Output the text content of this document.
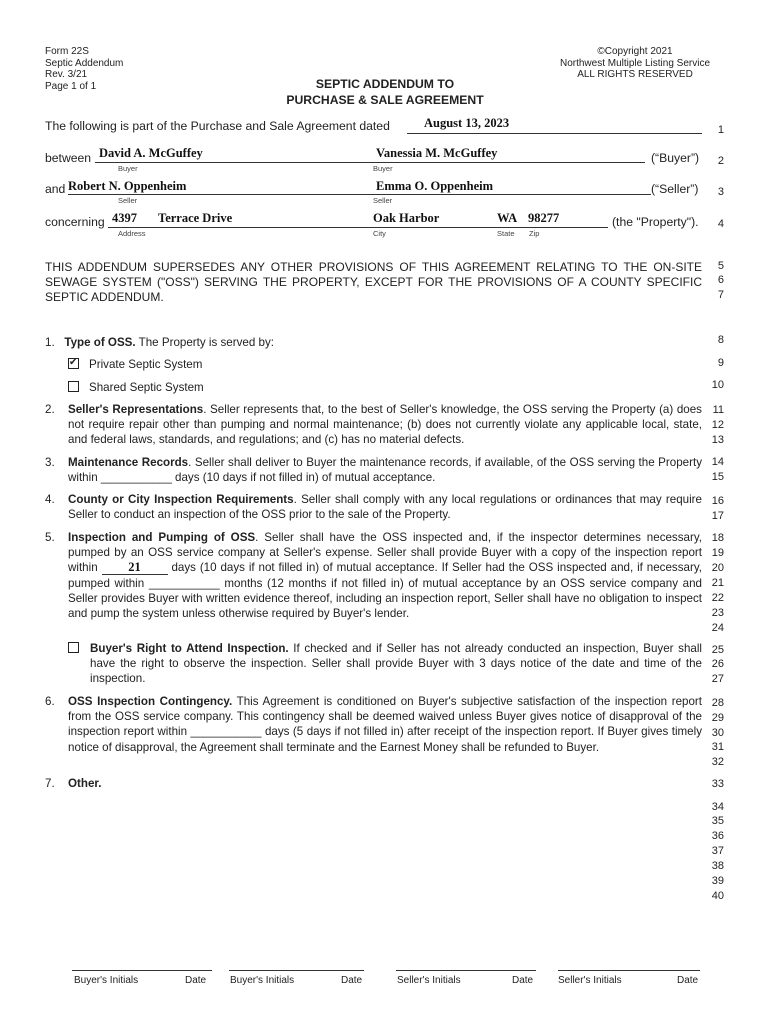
Form 22S
Septic Addendum
Rev. 3/21
Page 1 of 1
©Copyright 2021
Northwest Multiple Listing Service
ALL RIGHTS RESERVED
SEPTIC ADDENDUM TO
PURCHASE & SALE AGREEMENT
The following is part of the Purchase and Sale Agreement dated	August 13, 2023
between David A. McGuffey	Vanessia M. McGuffey	(“Buyer”)
Buyer	Buyer
and Robert N. Oppenheim	Emma O. Oppenheim	(“Seller”)
Seller	Seller
concerning 4397 Terrace Drive	Oak Harbor	WA 98277	(the "Property").
Address	City	State Zip
THIS ADDENDUM SUPERSEDES ANY OTHER PROVISIONS OF THIS AGREEMENT RELATING TO THE ON-SITE SEWAGE SYSTEM ("OSS") SERVING THE PROPERTY, EXCEPT FOR THE PROVISIONS OF A COUNTY SPECIFIC SEPTIC ADDENDUM.
1. Type of OSS. The Property is served by:
✔Private Septic System
Shared Septic System
2.	Seller's Representations. Seller represents that, to the best of Seller's knowledge, the OSS serving the Property (a) does not require repair other than pumping and normal maintenance; (b) does not currently violate any applicable local, state, and federal laws, standards, and regulations; and (c) has no material defects.
3.	Maintenance Records. Seller shall deliver to Buyer the maintenance records, if available, of the OSS serving the Property within ___________ days (10 days if not filled in) of mutual acceptance.
4.	County or City Inspection Requirements. Seller shall comply with any local regulations or ordinances that may require Seller to conduct an inspection of the OSS prior to the sale of the Property.
5.	Inspection and Pumping of OSS. Seller shall have the OSS inspected and, if the inspector determines necessary, pumped by an OSS service company at Seller's expense. Seller shall provide Buyer with a copy of the inspection report within 21	days (10 days if not filled in) of mutual acceptance. If Seller had the OSS inspected and, if necessary, pumped within ___________ months (12 months if not filled in) of mutual acceptance by an OSS service company and Seller provides Buyer with written evidence thereof, including an inspection report, Seller shall have no obligation to inspect and pump the system unless otherwise required by Buyer's lender.
Buyer's Right to Attend Inspection. If checked and if Seller has not already conducted an inspection, Buyer shall have the right to observe the inspection. Seller shall provide Buyer with 3 days notice of the date and time of the inspection.
6.	OSS Inspection Contingency. This Agreement is conditioned on Buyer's subjective satisfaction of the inspection report from the OSS service company. This contingency shall be deemed waived unless Buyer gives notice of disapproval of the inspection report within ___________ days (5 days if not filled in) after receipt of the inspection report. If Buyer gives timely notice of disapproval, the Agreement shall terminate and the Earnest Money shall be refunded to Buyer.
7.	Other.
1
2
3
4
5
6
7
8
9
10
11
12
13
14
15
16
17
18
19
20
21
22
23
24
25
26
27
28
29
30
31
32
33
34
35
36
37
38
39
40
Buyer's Initials	Date Buyer's Initials	Date	Seller's Initials	Date Seller's Initials	Date
